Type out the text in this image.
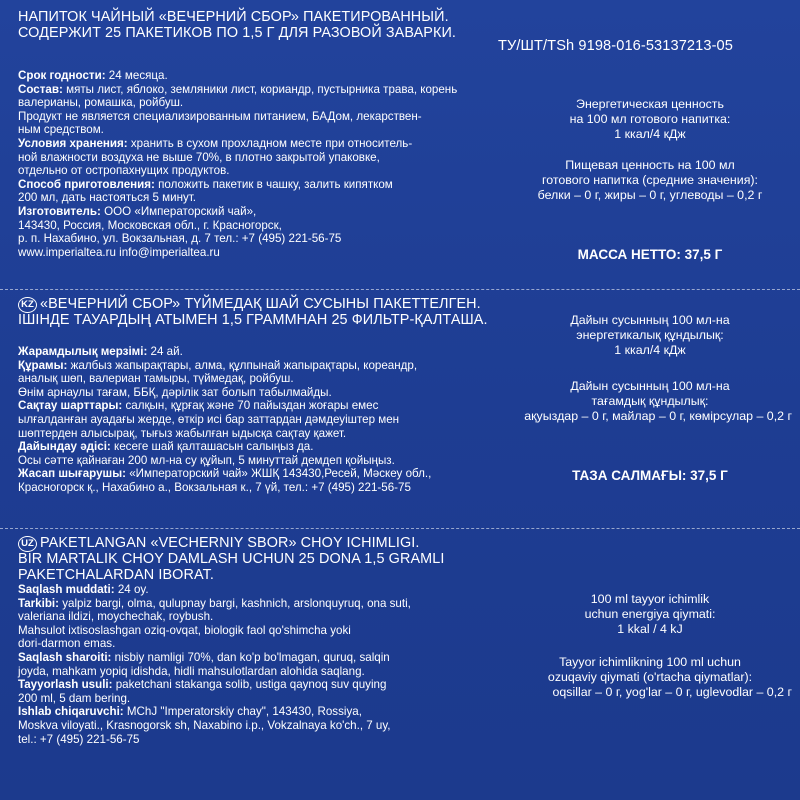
НАПИТОК ЧАЙНЫЙ «ВЕЧЕРНИЙ СБОР» ПАКЕТИРОВАННЫЙ.
СОДЕРЖИТ 25 ПАКЕТИКОВ ПО 1,5 Г ДЛЯ РАЗОВОЙ ЗАВАРКИ.
ТУ/ШТ/TSh 9198-016-53137213-05
Срок годности: 24 месяца.
Состав: мяты лист, яблоко, земляники лист, кориандр, пустырника трава, корень
валерианы, ромашка, ройбуш.
Продукт не является специализированным питанием, БАДом, лекарствен-
ным средством.
Условия хранения: хранить в сухом прохладном месте при относитель-
ной влажности воздуха не выше 70%, в плотно закрытой упаковке,
отдельно от остропахнущих продуктов.
Способ приготовления: положить пакетик в чашку, залить кипятком
200 мл, дать настояться 5 минут.
Изготовитель: ООО «Императорский чай»,
143430, Россия, Московская обл., г. Красногорск,
р. п. Нахабино, ул. Вокзальная, д. 7 тел.: +7 (495) 221-56-75
www.imperialtea.ru info@imperialtea.ru
Энергетическая ценность
на 100 мл готового напитка:
1 ккал/4 кДж
Пищевая ценность на 100 мл
готового напитка (средние значения):
белки – 0 г, жиры – 0 г, углеводы – 0,2 г
МАССА НЕТТО: 37,5 Г
KZ «ВЕЧЕРНИЙ СБОР» ТҮЙМЕДАҚ ШАЙ СУСЫНЫ ПАКЕТТЕЛГЕН.
ІШІНДЕ ТАУАРДЫҢ АТЫМЕН 1,5 ГРАММНАН 25 ФИЛЬТР-ҚАЛТАША.
Жарамдылық мерзімі: 24 ай.
Құрамы: жалбыз жапырақтары, алма, құлпынай жапырақтары, кореандр,
аналық шөп, валериан тамыры, түймедақ, ройбуш.
Өнім арнаулы тағам, ББҚ, дәрілік зат болып табылмайды.
Сақтау шарттары: салқын, құрғақ және 70 пайыздан жоғары емес
ылғалданған ауадағы жерде, өткір исі бар заттардан дәмдеуіштер мен
шөптерден алысырақ, тығыз жабылған ыдысқа сақтау қажет.
Дайындау әдісі: кесеге шай қалташасын салыңыз да.
Осы сәтте қайнаған 200 мл-на су құйып, 5 минуттай демдеп қойыңыз.
Жасап шығарушы: «Императорский чай» ЖШҚ 143430,Ресей, Мәскеу обл.,
Красногорск қ., Нахабино а., Вокзальная к., 7 үй, тел.: +7 (495) 221-56-75
Дайын сусынның 100 мл-на
энергетикалық құндылық:
1 ккал/4 кДж
Дайын сусынның 100 мл-на
тағамдық құндылық:
ақуыздар – 0 г, майлар – 0 г, көмірсулар – 0,2 г
ТАЗА САЛМАҒЫ: 37,5 Г
UZ PAKETLANGAN «VECHERNIY SBOR» CHOY ICHIMLIGI.
BIR MARTALIK CHOY DAMLASH UCHUN 25 DONA 1,5 GRAMLI
PAKETCHALARDAN IBORAT.
Saqlash muddati: 24 oy.
Tarkibi: yalpiz bargi, olma, qulupnay bargi, kashnich, arslonquyruq, ona suti,
valeriana ildizi, moychechak, roybush.
Mahsulot ixtisoslashgan oziq-ovqat, biologik faol qo'shimcha yoki
dori-darmon emas.
Saqlash sharoiti: nisbiy namligi 70%, dan ko'p bo'lmagan, quruq, salqin
joyda, mahkam yopiq idishda, hidli mahsulotlardan alohida saqlang.
Tayyorlash usuli: paketchani stakanga solib, ustiga qaynoq suv quying
200 ml, 5 dam bering.
Ishlab chiqaruvchi: MChJ "Imperatorskiy chay", 143430, Rossiya,
Moskva viloyati., Krasnogorsk sh, Naxabino i.p., Vokzalnaya ko'ch., 7 uy,
tel.: +7 (495) 221-56-75
100 ml tayyor ichimlik
uchun energiya qiymati:
1 kkal / 4 kJ
Tayyor ichimlikning 100 ml uchun
ozuqaviy qiymati (o'rtacha qiymatlar):
oqsillar – 0 г, yog'lar – 0 г, uglevodlar – 0,2 г
